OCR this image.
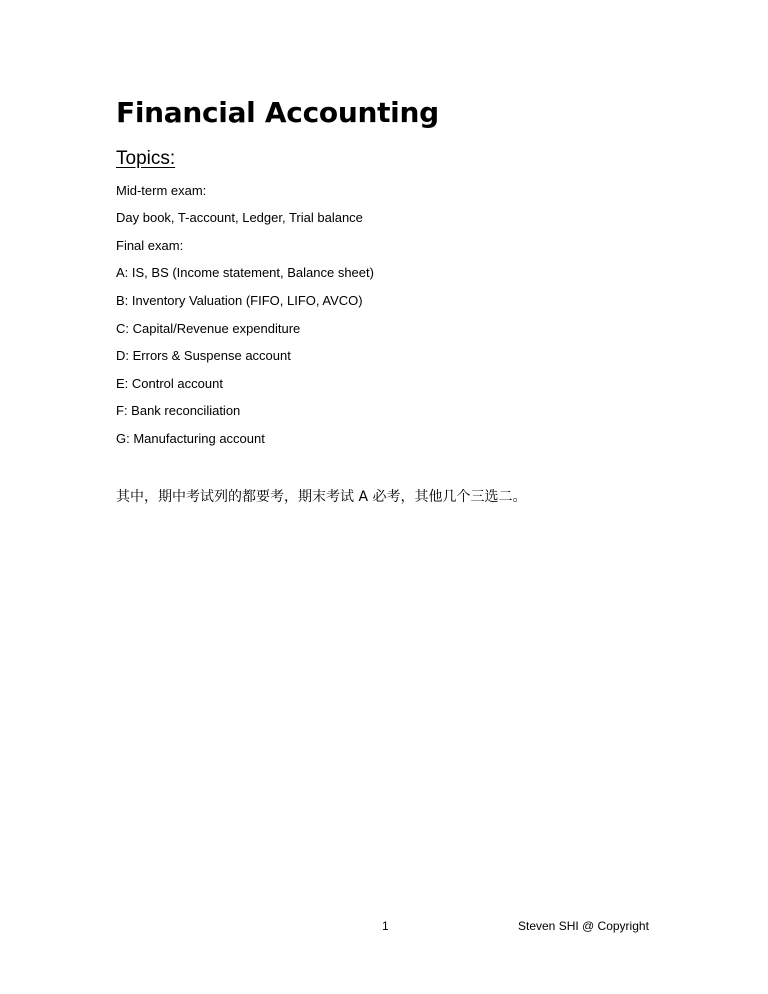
Financial Accounting
Topics:
Mid-term exam:
Day book, T-account, Ledger, Trial balance
Final exam:
A: IS, BS (Income statement, Balance sheet)
B: Inventory Valuation (FIFO, LIFO, AVCO)
C: Capital/Revenue expenditure
D: Errors & Suspense account
E: Control account
F: Bank reconciliation
G: Manufacturing account
其中，期中考试列的都要考，期末考试 A 必考，其他几个三选二。
1	Steven SHI @ Copyright
